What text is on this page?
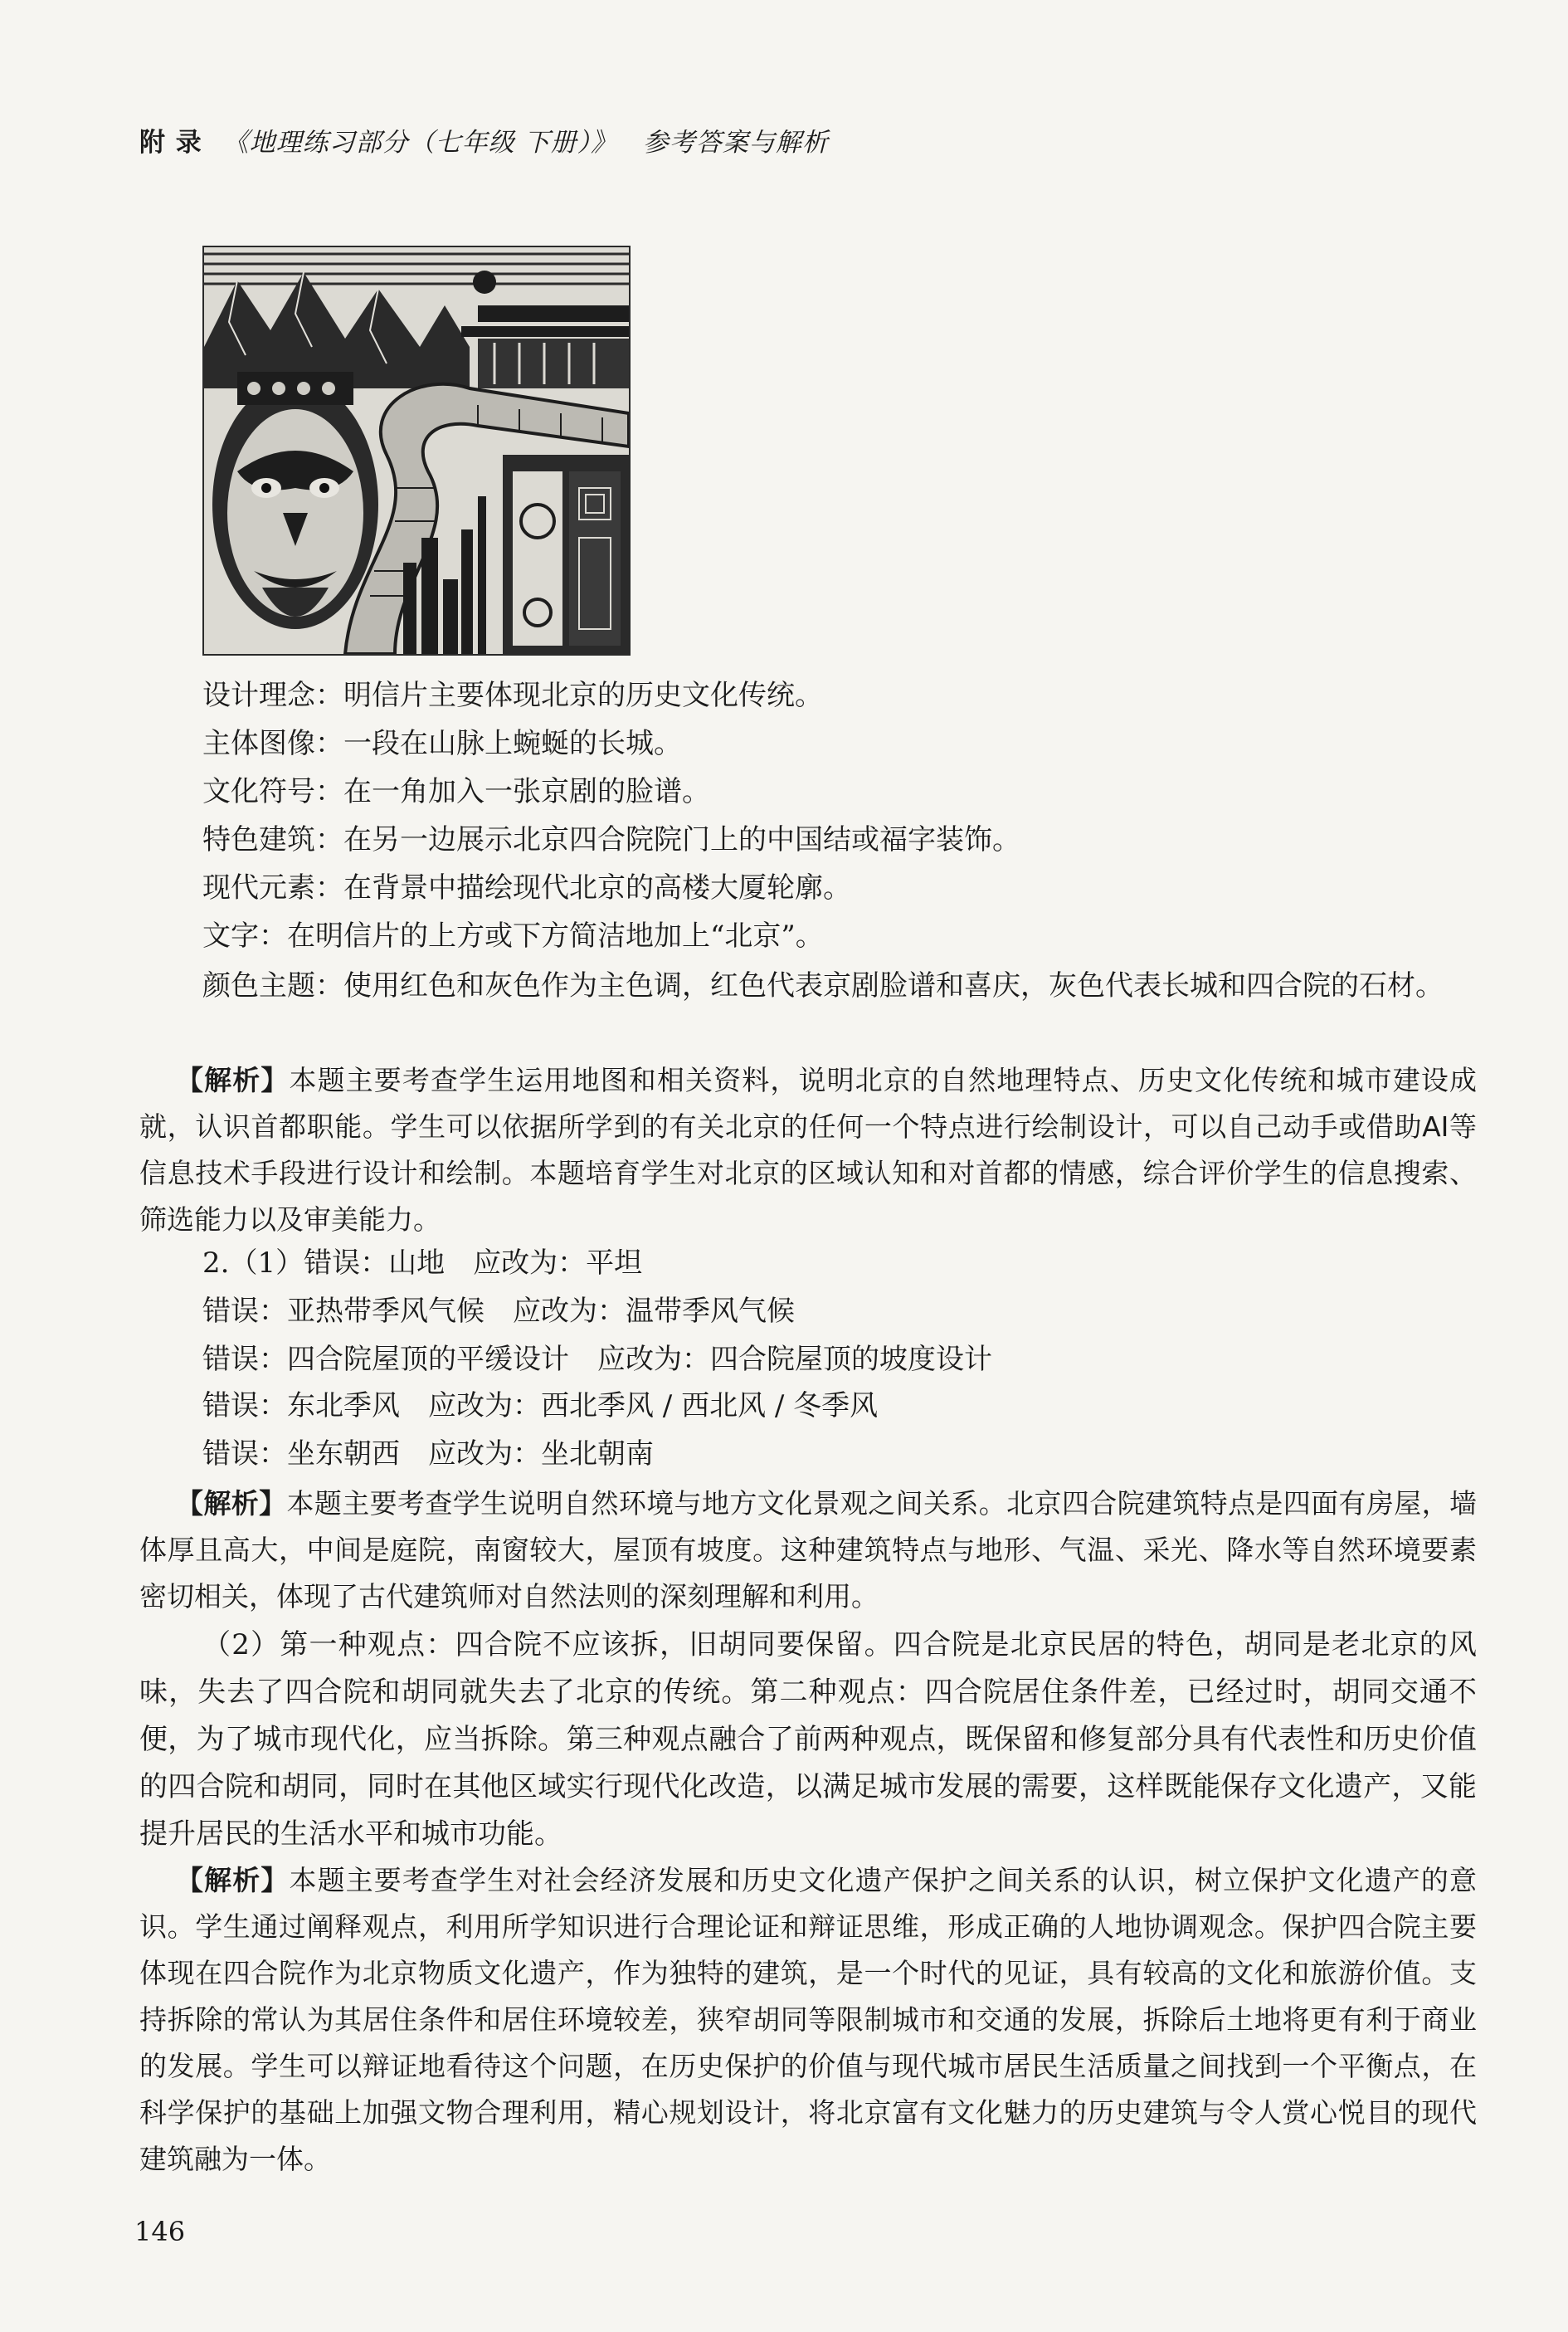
附 录 《地理练习部分（七年级 下册）》 参考答案与解析
设计理念：明信片主要体现北京的历史文化传统。
主体图像：一段在山脉上蜿蜒的长城。
文化符号：在一角加入一张京剧的脸谱。
特色建筑：在另一边展示北京四合院院门上的中国结或福字装饰。
现代元素：在背景中描绘现代北京的高楼大厦轮廓。
文字：在明信片的上方或下方简洁地加上“北京”。
颜色主题：使用红色和灰色作为主色调，红色代表京剧脸谱和喜庆，灰色代表长城和四合院的石材。
【解析】本题主要考查学生运用地图和相关资料，说明北京的自然地理特点、历史文化传统和城市建设成就，认识首都职能。学生可以依据所学到的有关北京的任何一个特点进行绘制设计，可以自己动手或借助AI等信息技术手段进行设计和绘制。本题培育学生对北京的区域认知和对首都的情感，综合评价学生的信息搜索、筛选能力以及审美能力。
2.（1）错误：山地　应改为：平坦
错误：亚热带季风气候　应改为：温带季风气候
错误：四合院屋顶的平缓设计　应改为：四合院屋顶的坡度设计
错误：东北季风　应改为：西北季风 / 西北风 / 冬季风
错误：坐东朝西　应改为：坐北朝南
【解析】本题主要考查学生说明自然环境与地方文化景观之间关系。北京四合院建筑特点是四面有房屋，墙体厚且高大，中间是庭院，南窗较大，屋顶有坡度。这种建筑特点与地形、气温、采光、降水等自然环境要素密切相关，体现了古代建筑师对自然法则的深刻理解和利用。
（2）第一种观点：四合院不应该拆，旧胡同要保留。四合院是北京民居的特色，胡同是老北京的风味，失去了四合院和胡同就失去了北京的传统。第二种观点：四合院居住条件差，已经过时，胡同交通不便，为了城市现代化，应当拆除。第三种观点融合了前两种观点，既保留和修复部分具有代表性和历史价值的四合院和胡同，同时在其他区域实行现代化改造，以满足城市发展的需要，这样既能保存文化遗产，又能提升居民的生活水平和城市功能。
【解析】本题主要考查学生对社会经济发展和历史文化遗产保护之间关系的认识，树立保护文化遗产的意识。学生通过阐释观点，利用所学知识进行合理论证和辩证思维，形成正确的人地协调观念。保护四合院主要体现在四合院作为北京物质文化遗产，作为独特的建筑，是一个时代的见证，具有较高的文化和旅游价值。支持拆除的常认为其居住条件和居住环境较差，狭窄胡同等限制城市和交通的发展，拆除后土地将更有利于商业的发展。学生可以辩证地看待这个问题，在历史保护的价值与现代城市居民生活质量之间找到一个平衡点，在科学保护的基础上加强文物合理利用，精心规划设计，将北京富有文化魅力的历史建筑与令人赏心悦目的现代建筑融为一体。
146
